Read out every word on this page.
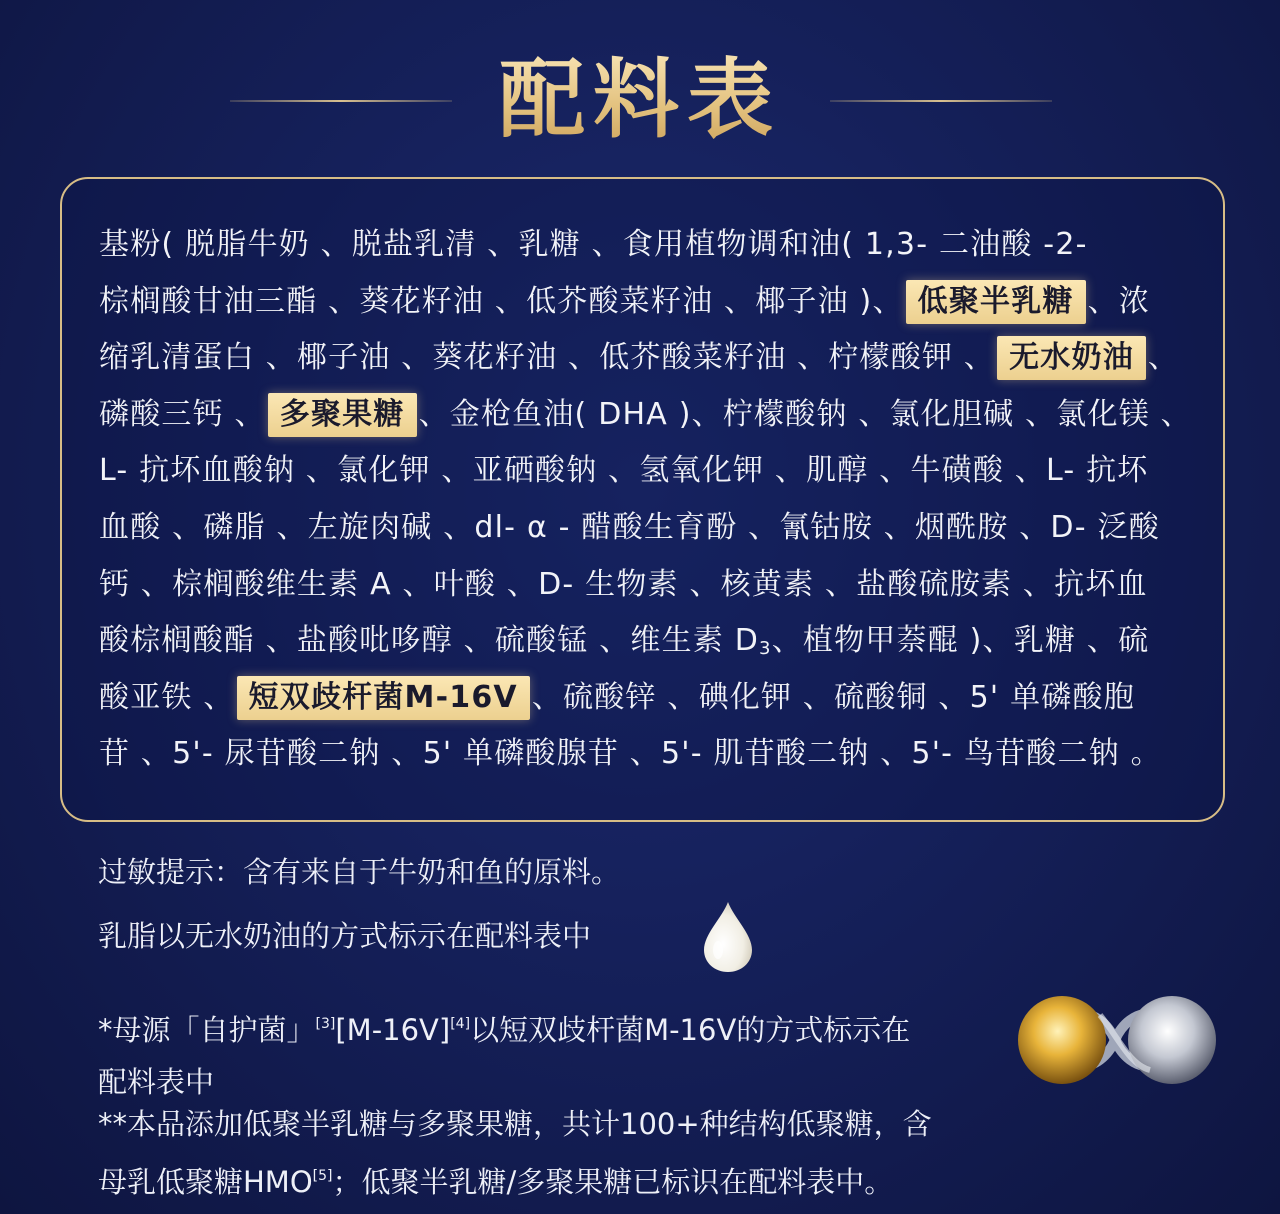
配料表
基粉( 脱脂牛奶 、脱盐乳清 、乳糖 、食用植物调和油( 1,3- 二油酸 -2-
棕榈酸甘油三酯 、葵花籽油 、低芥酸菜籽油 、椰子油 )、 低聚半乳糖 、浓
缩乳清蛋白 、椰子油 、葵花籽油 、低芥酸菜籽油 、柠檬酸钾 、 无水奶油 、
磷酸三钙 、 多聚果糖 、金枪鱼油( DHA )、柠檬酸钠 、氯化胆碱 、氯化镁 、
L- 抗坏血酸钠 、氯化钾 、亚硒酸钠 、氢氧化钾 、肌醇 、牛磺酸 、L- 抗坏
血酸 、磷脂 、左旋肉碱 、dl- α - 醋酸生育酚 、氰钴胺 、烟酰胺 、D- 泛酸
钙 、棕榈酸维生素 A 、叶酸 、D- 生物素 、核黄素 、盐酸硫胺素 、抗坏血
酸棕榈酸酯 、盐酸吡哆醇 、硫酸锰 、维生素 $D_3$、植物甲萘醌 )、乳糖 、硫
酸亚铁 、 短双歧杆菌M-16V 、硫酸锌 、碘化钾 、硫酸铜 、5' 单磷酸胞
苷 、5'- 尿苷酸二钠 、5' 单磷酸腺苷 、5'- 肌苷酸二钠 、5'- 鸟苷酸二钠 。
过敏提示：含有来自于牛奶和鱼的原料。
乳脂以无水奶油的方式标示在配料表中
*母源「自护菌」[3][M-16V][4]以短双歧杆菌M-16V的方式标示在
配料表中
**本品添加低聚半乳糖与多聚果糖，共计100+种结构低聚糖，含
母乳低聚糖HMO[5]；低聚半乳糖/多聚果糖已标识在配料表中。
